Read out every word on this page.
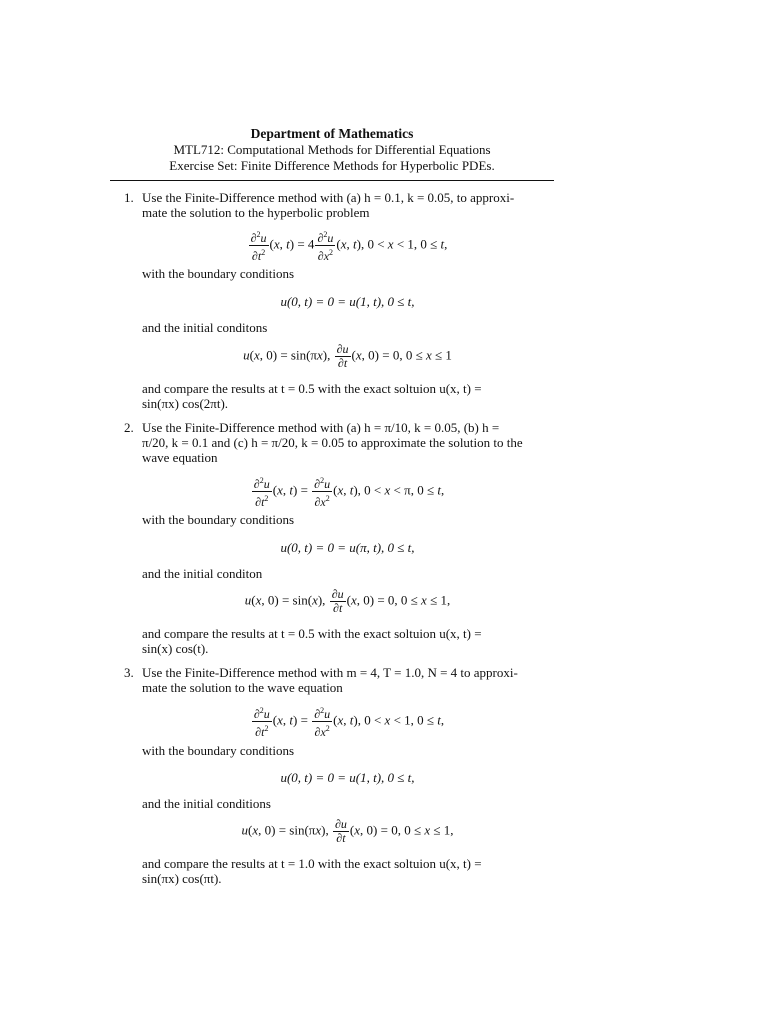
Department of Mathematics
MTL712: Computational Methods for Differential Equations
Exercise Set: Finite Difference Methods for Hyperbolic PDEs.
1. Use the Finite-Difference method with (a) h = 0.1, k = 0.05, to approxi-
mate the solution to the hyperbolic problem
$\frac{\partial^2u}{\partial t^2} (x$, $t) = 4 \frac{\partial^2u}{\partial x^2} (x$, t), 0 < x < 1, 0 ≤ t,
with the boundary conditions
u(0, t) = 0 = u(1, t), 0 ≤ t,
and the initial conditons
u(x, 0) = sin(πx), $\frac{\partial u}{\partial t} (x$, 0) = 0, 0 ≤ x ≤ 1
and compare the results at t = 0.5 with the exact soltuion u(x, t) =
sin(πx) cos(2πt).
2. Use the Finite-Difference method with (a) h = π/10, k = 0.05, (b) h =
π/20, k = 0.1 and (c) h = π/20, k = 0.05 to approximate the solution to the
wave equation
$\frac{\partial^2u}{\partial t^2} (x$, $t) = \frac{\partial^2u}{\partial x^2} (x$, t), 0 < x < π, 0 ≤ t,
with the boundary conditions
u(0, t) = 0 = u(π, t), 0 ≤ t,
and the initial conditon
u(x, 0) = sin(x), $\frac{\partial u}{\partial t} (x$, 0) = 0, 0 ≤ x ≤ 1,
and compare the results at t = 0.5 with the exact soltuion u(x, t) =
sin(x) cos(t).
3. Use the Finite-Difference method with m = 4, T = 1.0, N = 4 to approxi-
mate the solution to the wave equation
$\frac{\partial^2u}{\partial t^2} (x$, $t) = \frac{\partial^2u}{\partial x^2} (x$, t), 0 < x < 1, 0 ≤ t,
with the boundary conditions
u(0, t) = 0 = u(1, t), 0 ≤ t,
and the initial conditions
u(x, 0) = sin(πx), $\frac{\partial u}{\partial t} (x$, 0) = 0, 0 ≤ x ≤ 1,
and compare the results at t = 1.0 with the exact soltuion u(x, t) =
sin(πx) cos(πt).
